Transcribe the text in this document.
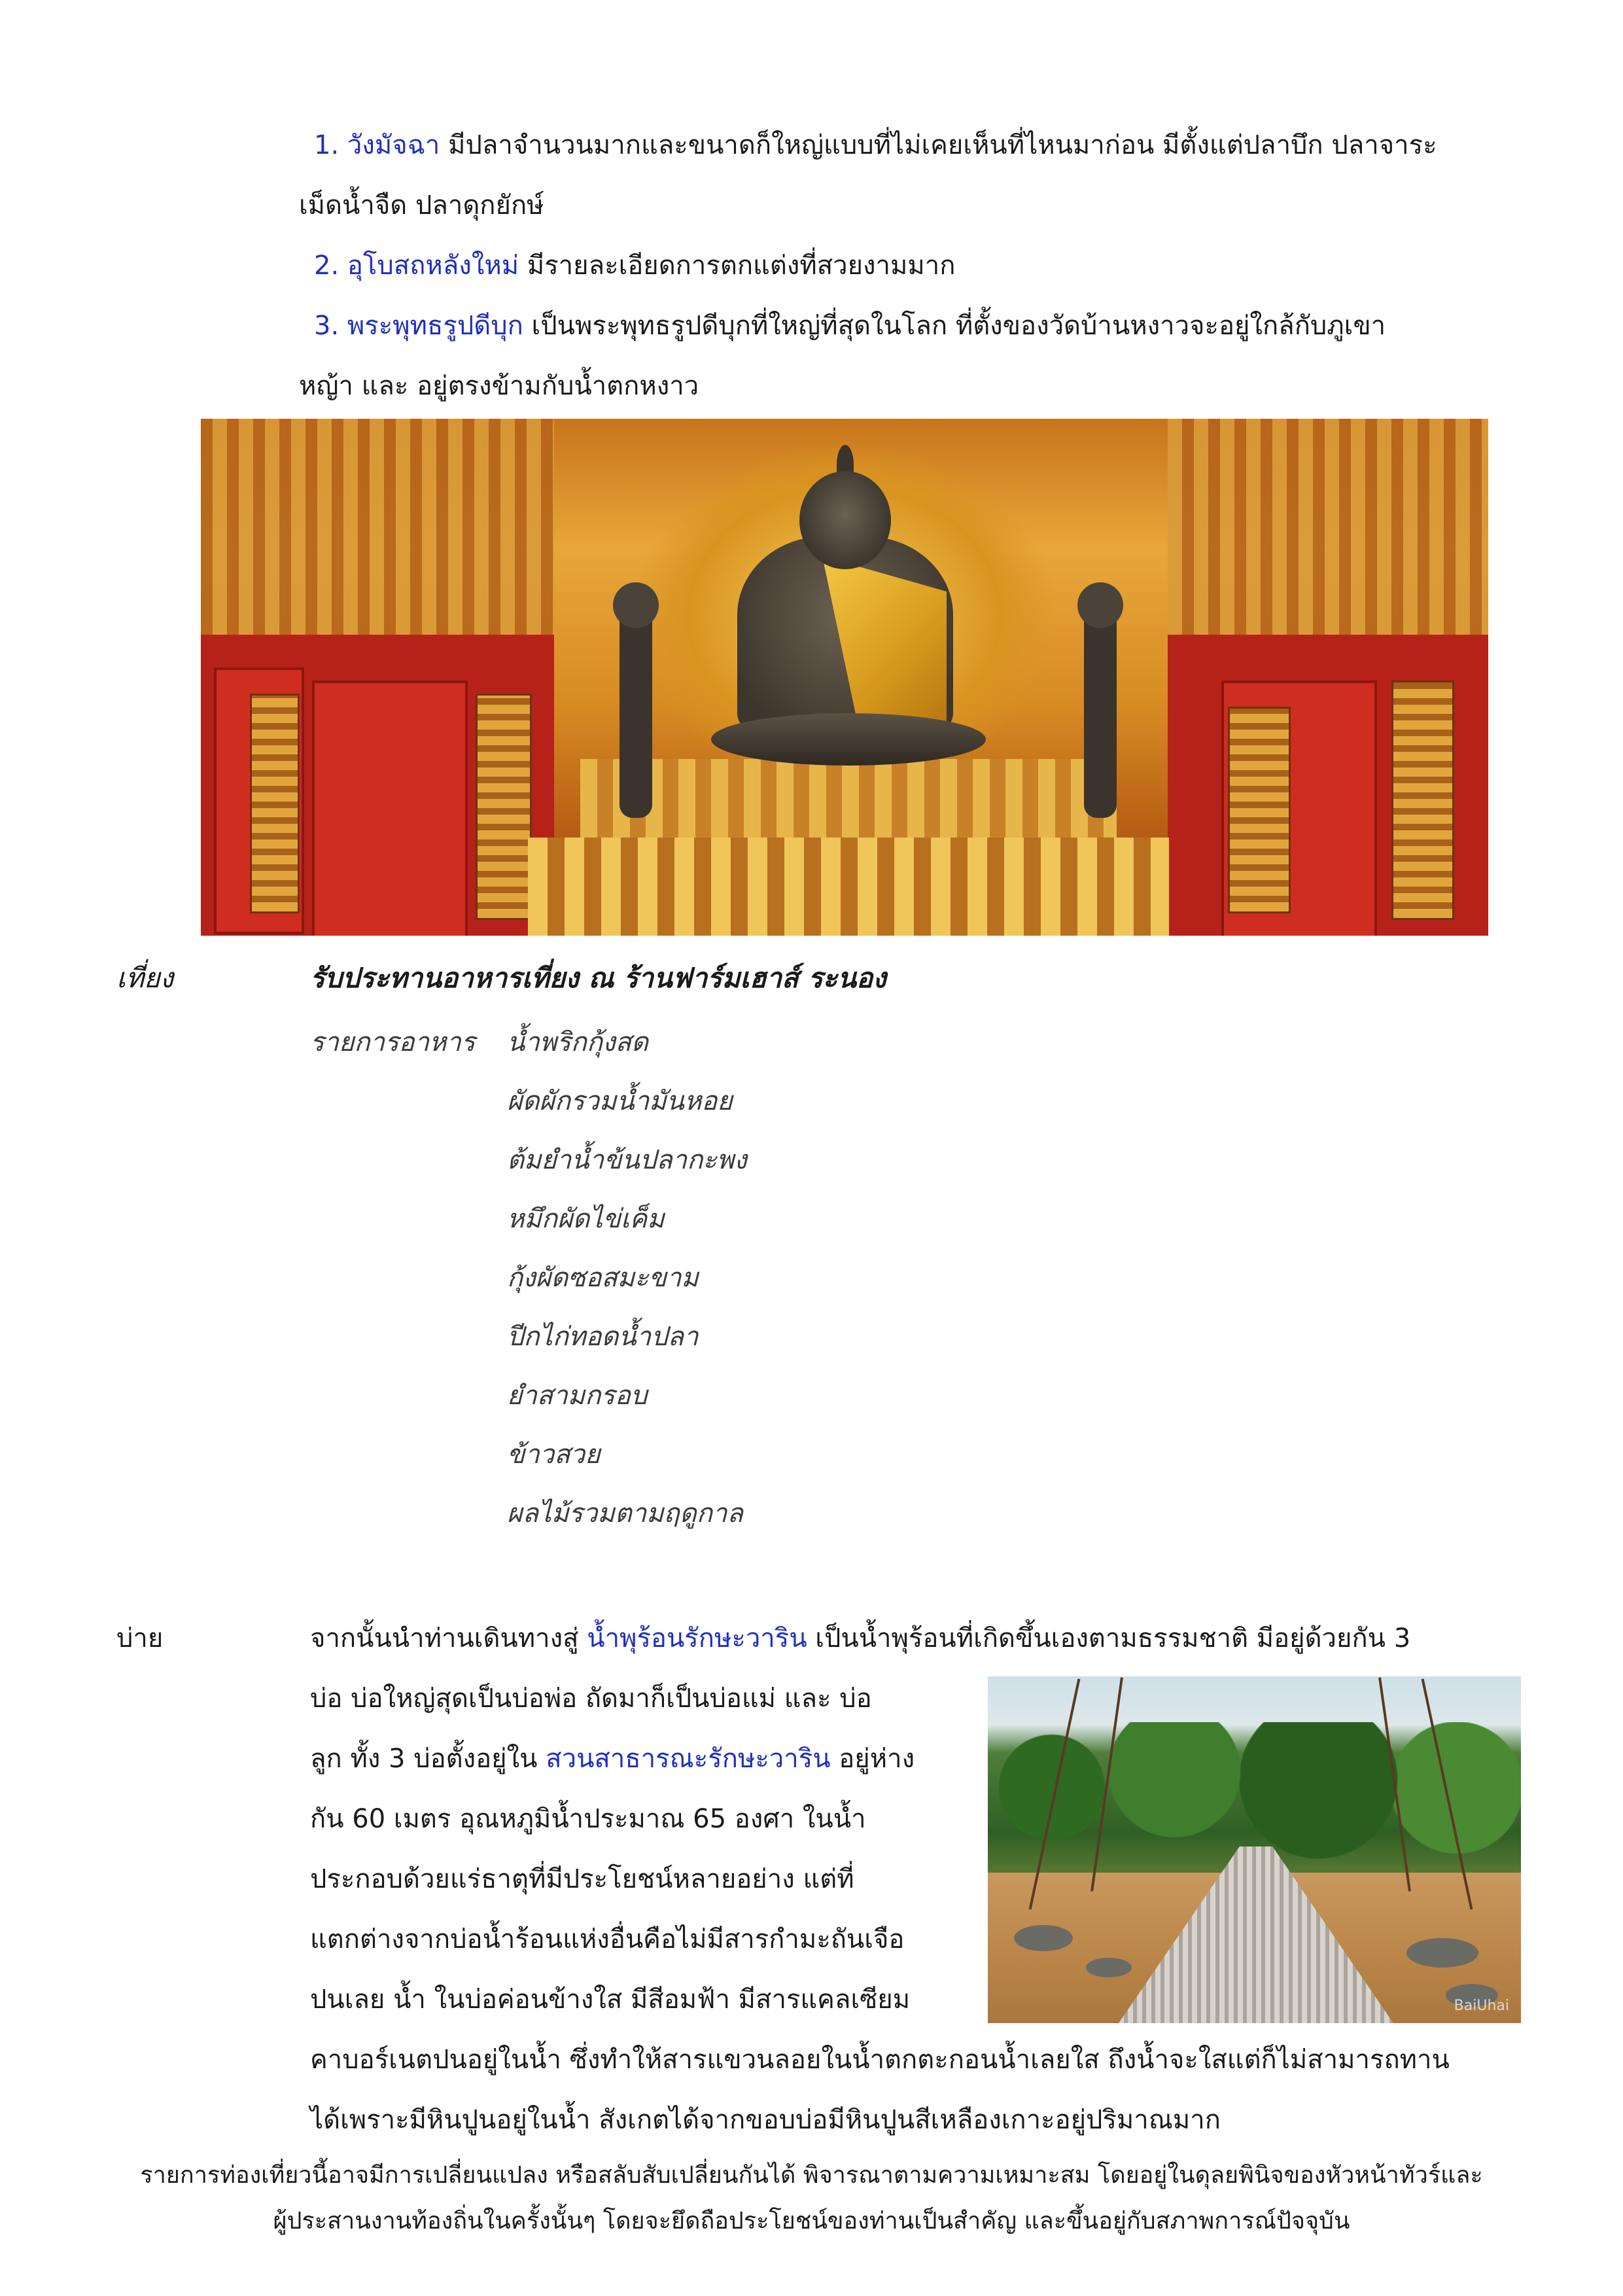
1. วังมัจฉา มีปลาจำนวนมากและขนาดก็ใหญ่แบบที่ไม่เคยเห็นที่ไหนมาก่อน มีตั้งแต่ปลาบึก ปลาจาระ
เม็ดน้ำจืด ปลาดุกยักษ์
2. อุโบสถหลังใหม่ มีรายละเอียดการตกแต่งที่สวยงามมาก
3. พระพุทธรูปดีบุก เป็นพระพุทธรูปดีบุกที่ใหญ่ที่สุดในโลก ที่ตั้งของวัดบ้านหงาวจะอยู่ใกล้กับภูเขา
หญ้า และ อยู่ตรงข้ามกับน้ำตกหงาว
เที่ยง	รับประทานอาหารเที่ยง ณ ร้านฟาร์มเฮาส์ ระนอง
รายการอาหาร น้ำพริกกุ้งสด
ผัดผักรวมน้ำมันหอย
ต้มยำน้ำข้นปลากะพง
หมึกผัดไข่เค็ม
กุ้งผัดซอสมะขาม
ปีกไก่ทอดน้ำปลา
ยำสามกรอบ
ข้าวสวย
ผลไม้รวมตามฤดูกาล
บ่าย	จากนั้นนำท่านเดินทางสู่ น้ำพุร้อนรักษะวาริน เป็นน้ำพุร้อนที่เกิดขึ้นเองตามธรรมชาติ มีอยู่ด้วยกัน 3
บ่อ บ่อใหญ่สุดเป็นบ่อพ่อ ถัดมาก็เป็นบ่อแม่ และ บ่อ
ลูก ทั้ง 3 บ่อตั้งอยู่ใน สวนสาธารณะรักษะวาริน อยู่ห่าง
กัน 60 เมตร อุณหภูมิน้ำประมาณ 65 องศา ในน้ำ
ประกอบด้วยแร่ธาตุที่มีประโยชน์หลายอย่าง แต่ที่
แตกต่างจากบ่อน้ำร้อนแห่งอื่นคือไม่มีสารกำมะถันเจือ
ปนเลย น้ำ ในบ่อค่อนข้างใส มีสีอมฟ้า มีสารแคลเซียม
คาบอร์เนตปนอยู่ในน้ำ ซึ่งทำให้สารแขวนลอยในน้ำตกตะกอนน้ำเลยใส ถึงน้ำจะใสแต่ก็ไม่สามารถทาน
ได้เพราะมีหินปูนอยู่ในน้ำ สังเกตได้จากขอบบ่อมีหินปูนสีเหลืองเกาะอยู่ปริมาณมาก
BaiUhai
รายการท่องเที่ยวนี้อาจมีการเปลี่ยนแปลง หรือสลับสับเปลี่ยนกันได้ พิจารณาตามความเหมาะสม โดยอยู่ในดุลยพินิจของหัวหน้าทัวร์และ
ผู้ประสานงานท้องถิ่นในครั้งนั้นๆ โดยจะยึดถือประโยชน์ของท่านเป็นสำคัญ และขึ้นอยู่กับสภาพการณ์ปัจจุบัน
